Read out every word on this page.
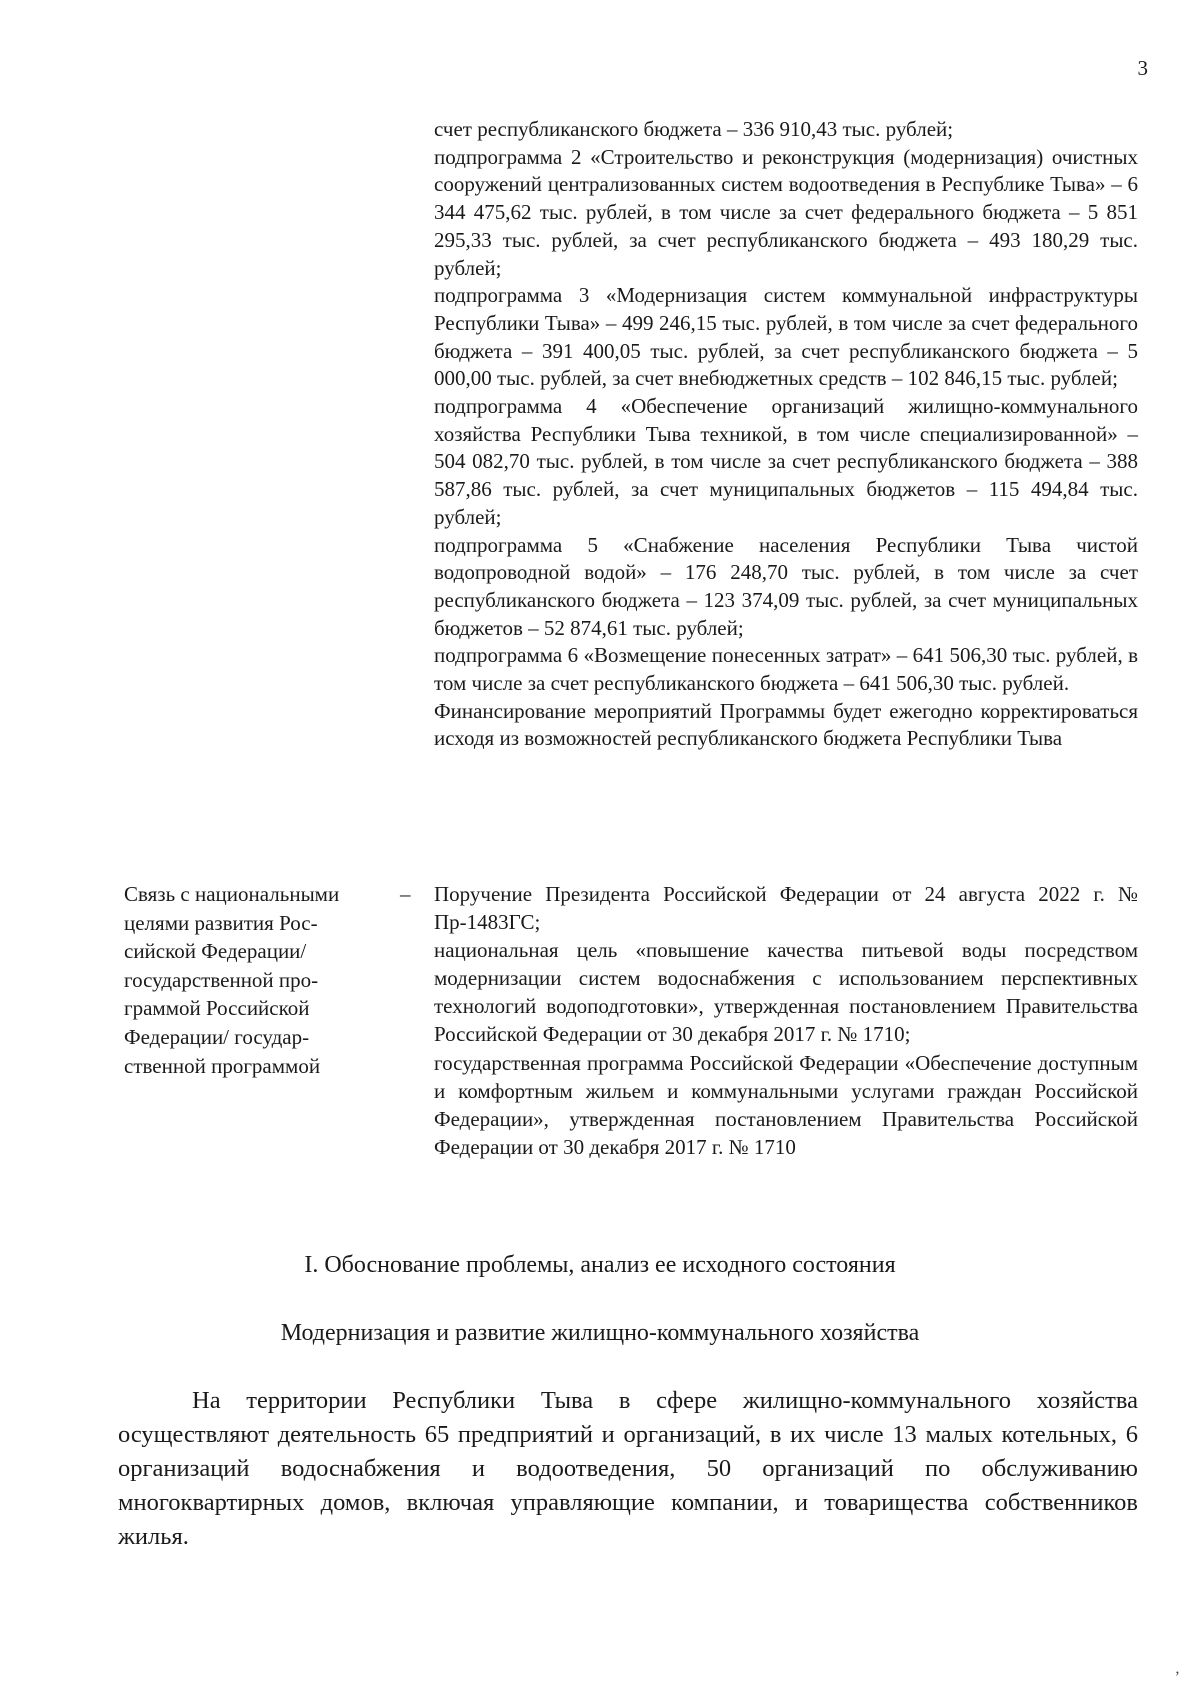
3

счет республиканского бюджета – 336 910,43 тыс. рублей;

подпрограмма 2 «Строительство и реконструкция (модернизация) очистных сооружений централизованных систем водоотведения в Республике Тыва» – 6 344 475,62 тыс. рублей, в том числе за счет федерального бюджета – 5 851 295,33 тыс. рублей, за счет республиканского бюджета – 493 180,29 тыс. рублей;

подпрограмма 3 «Модернизация систем коммунальной инфраструктуры Республики Тыва» – 499 246,15 тыс. рублей, в том числе за счет федерального бюджета – 391 400,05 тыс. рублей, за счет республиканского бюджета – 5 000,00 тыс. рублей, за счет внебюджетных средств – 102 846,15 тыс. рублей;

подпрограмма 4 «Обеспечение организаций жилищно-коммунального хозяйства Республики Тыва техникой, в том числе специализированной» – 504 082,70 тыс. рублей, в том числе за счет республиканского бюджета – 388 587,86 тыс. рублей, за счет муниципальных бюджетов – 115 494,84 тыс. рублей;

подпрограмма 5 «Снабжение населения Республики Тыва чистой водопроводной водой» – 176 248,70 тыс. рублей, в том числе за счет республиканского бюджета – 123 374,09 тыс. рублей, за счет муниципальных бюджетов – 52 874,61 тыс. рублей;

подпрограмма 6 «Возмещение понесенных затрат» – 641 506,30 тыс. рублей, в том числе за счет республиканского бюджета – 641 506,30 тыс. рублей.

Финансирование мероприятий Программы будет ежегодно корректироваться исходя из возможностей республиканского бюджета Республики Тыва

Связь с национальными
целями развития Рос-
сийской Федерации/
государственной про-
граммой Российской
Федерации/ государ-
ственной программой
– Поручение Президента Российской Федерации от 24 августа 2022 г. № Пр-1483ГС;

национальная цель «повышение качества питьевой воды посредством модернизации систем водоснабжения с использованием перспективных технологий водоподготовки», утвержденная постановлением Правительства Российской Федерации от 30 декабря 2017 г. № 1710;

государственная программа Российской Федерации «Обеспечение доступным и комфортным жильем и коммунальными услугами граждан Российской Федерации», утвержденная постановлением Правительства Российской Федерации от 30 декабря 2017 г. № 1710

I. Обоснование проблемы, анализ ее исходного состояния
Модернизация и развитие жилищно-коммунального хозяйства

На территории Республики Тыва в сфере жилищно-коммунального хозяйства осуществляют деятельность 65 предприятий и организаций, в их числе 13 малых котельных, 6 организаций водоснабжения и водоотведения, 50 организаций по обслуживанию многоквартирных домов, включая управляющие компании, и товарищества собственников жилья.

ʼ
